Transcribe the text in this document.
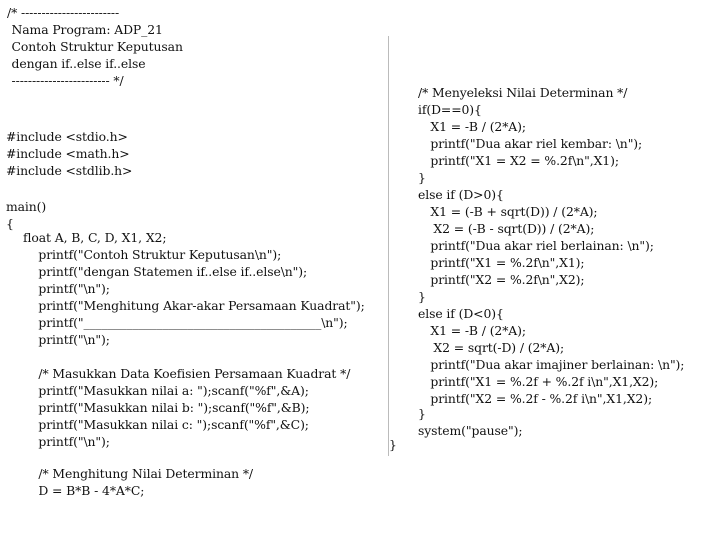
/* ------------------------
Nama Program: ADP_21
Contoh Struktur Keputusan
dengan if..else if..else
------------------------ */
#include <stdio.h>
#include <math.h>
#include <stdlib.h>
main()
{
float A, B, C, D, X1, X2;
printf("Contoh Struktur Keputusan\n");
printf("dengan Statemen if..else if..else\n");
printf("\n");
printf("Menghitung Akar-akar Persamaan Kuadrat");
printf("_______________________________________\n");
printf("\n");
/* Masukkan Data Koefisien Persamaan Kuadrat */
printf("Masukkan nilai a: ");scanf("%f",&A);
printf("Masukkan nilai b: ");scanf("%f",&B);
printf("Masukkan nilai c: ");scanf("%f",&C);
printf("\n");
/* Menghitung Nilai Determinan */
D = B*B - 4*A*C;
}
/* Menyeleksi Nilai Determinan */
if(D==0){
X1 = -B / (2*A);
printf("Dua akar riel kembar: \n");
printf("X1 = X2 = %.2f\n",X1);
}
else if (D>0){
X1 = (-B + sqrt(D)) / (2*A);
X2 = (-B - sqrt(D)) / (2*A);
printf("Dua akar riel berlainan: \n");
printf("X1 = %.2f\n",X1);
printf("X2 = %.2f\n",X2);
}
else if (D<0){
X1 = -B / (2*A);
X2 = sqrt(-D) / (2*A);
printf("Dua akar imajiner berlainan: \n");
printf("X1 = %.2f + %.2f i\n",X1,X2);
printf("X2 = %.2f - %.2f i\n",X1,X2);
}
system("pause");
